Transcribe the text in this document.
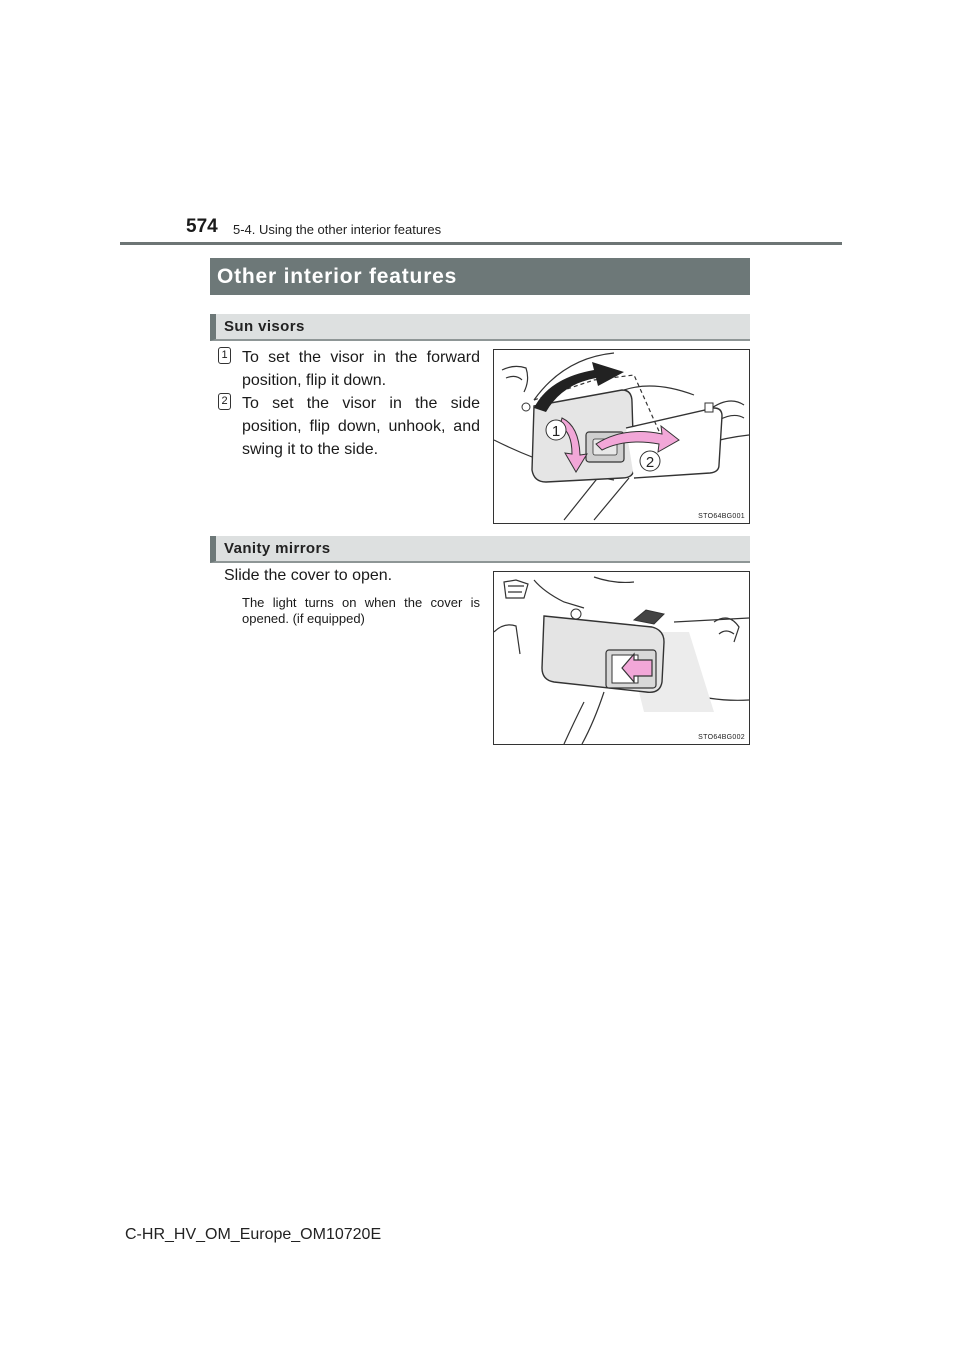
574 5-4. Using the other interior features
Other interior features
Sun visors
1 To set the visor in the forward position, flip it down.
2 To set the visor in the side position, flip down, unhook, and swing it to the side.
1
2
STO64BG001
Vanity mirrors
Slide the cover to open.
The light turns on when the cover is opened. (if equipped)
STO64BG002
C-HR_HV_OM_Europe_OM10720E
